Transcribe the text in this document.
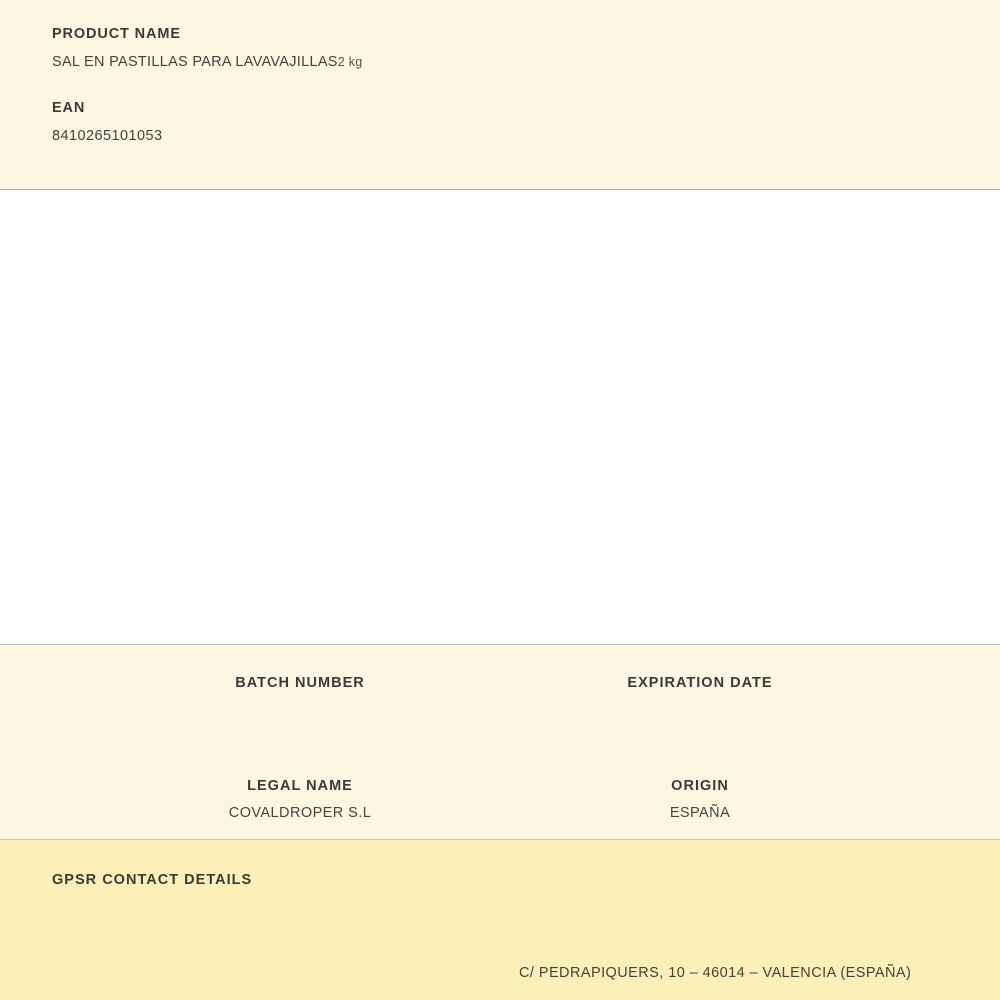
PRODUCT NAME

SAL EN PASTILLAS PARA LAVAVAJILLAS2 kg

EAN

8410265101053

BATCH NUMBER	EXPIRATION DATE

LEGAL NAME

COVALDROPER S.L

ORIGIN

ESPAÑA

GPSR CONTACT DETAILS

C/ PEDRAPIQUERS, 10 – 46014 – VALENCIA (ESPAÑA)
